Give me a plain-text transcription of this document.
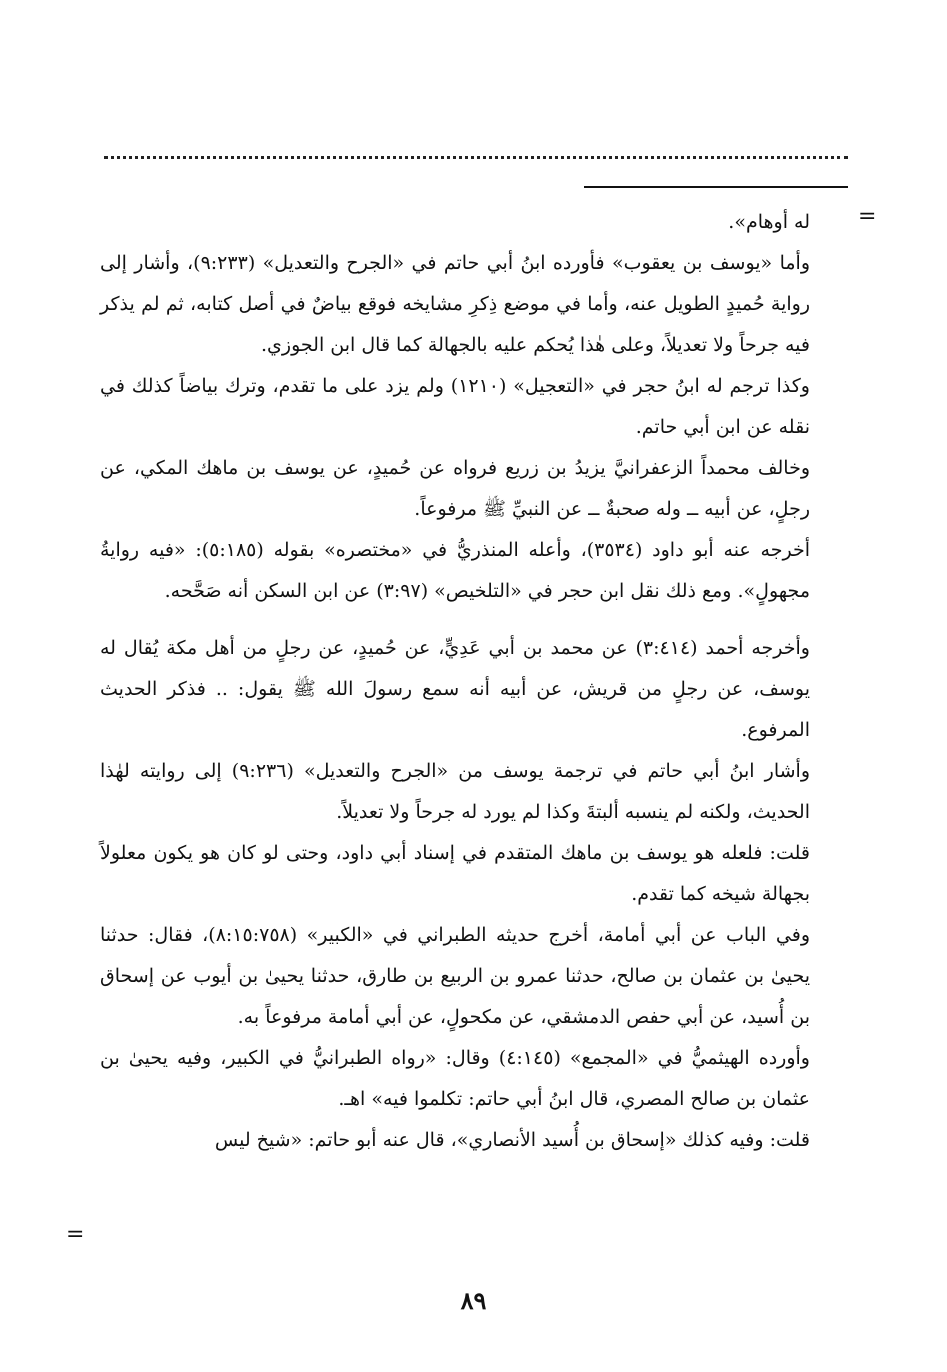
=

له أوهام».

وأما «يوسف بن يعقوب» فأورده ابنُ أبي حاتم في «الجرح والتعديل» (٩:٢٣٣)، وأشار إلى رواية حُميدٍ الطويل عنه، وأما في موضع ذِكرِ مشايخه فوقع بياضٌ في أصل كتابه، ثم لم يذكر فيه جرحاً ولا تعديلاً، وعلى هٰذا يُحكم عليه بالجهالة كما قال ابن الجوزي.

وكذا ترجم له ابنُ حجر في «التعجيل» (١٢١٠) ولم يزد على ما تقدم، وترك بياضاً كذلك في نقله عن ابن أبي حاتم.

وخالف محمداً الزعفرانيَّ يزيدُ بن زريع فرواه عن حُميدٍ، عن يوسف بن ماهك المكي، عن رجلٍ، عن أبيه ــ وله صحبةٌ ــ عن النبيِّ ﷺ مرفوعاً.

أخرجه عنه أبو داود (٣٥٣٤)، وأعله المنذريُّ في «مختصره» بقوله (٥:١٨٥): «فيه روايةُ مجهولٍ». ومع ذلك نقل ابن حجر في «التلخيص» (٣:٩٧) عن ابن السكن أنه صَحَّحه.

وأخرجه أحمد (٣:٤١٤) عن محمد بن أبي عَدِيٍّ، عن حُميدٍ، عن رجلٍ من أهل مكة يُقال له يوسف، عن رجلٍ من قريش، عن أبيه أنه سمع رسولَ الله ﷺ يقول: .. فذكر الحديث المرفوع.

وأشار ابنُ أبي حاتم في ترجمة يوسف من «الجرح والتعديل» (٩:٢٣٦) إلى روايته لهٰذا الحديث، ولكنه لم ينسبه ألبتةَ وكذا لم يورد له جرحاً ولا تعديلاً.

قلت: فلعله هو يوسف بن ماهك المتقدم في إسناد أبي داود، وحتى لو كان هو يكون معلولاً بجهالة شيخه كما تقدم.

وفي الباب عن أبي أمامة، أخرج حديثه الطبراني في «الكبير» (٨:١٥:٧٥٨)، فقال: حدثنا يحيىٰ بن عثمان بن صالح، حدثنا عمرو بن الربيع بن طارق، حدثنا يحيىٰ بن أيوب عن إسحاق بن أُسيد، عن أبي حفص الدمشقي، عن مكحولٍ، عن أبي أمامة مرفوعاً به.

وأورده الهيثميُّ في «المجمع» (٤:١٤٥) وقال: «رواه الطبرانيُّ في الكبير، وفيه يحيىٰ بن عثمان بن صالح المصري، قال ابنُ أبي حاتم: تكلموا فيه» اهـ.

قلت: وفيه كذلك «إسحاق بن أُسيد الأنصاري»، قال عنه أبو حاتم: «شيخ ليس

=
٨٩
